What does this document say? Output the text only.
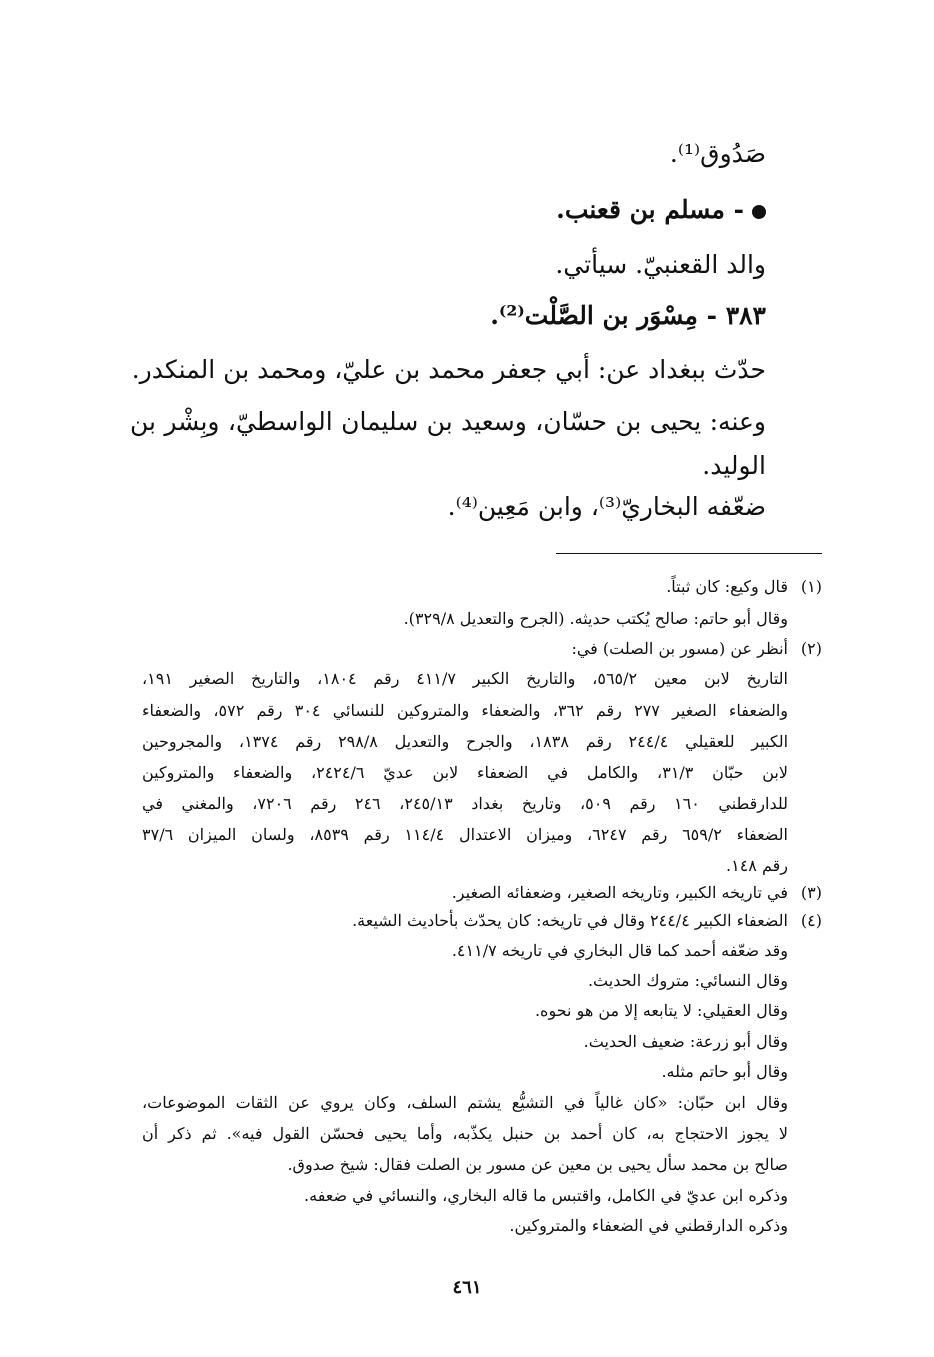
صَدُوق⁽¹⁾.
- مسلم بن قعنب.
والد القعنبيّ. سيأتي.
٣٨٣ - مِسْوَر بن الصَّلْت⁽²⁾.
حدّث ببغداد عن: أبي جعفر محمد بن عليّ، ومحمد بن المنكدر.
وعنه: يحيى بن حسّان، وسعيد بن سليمان الواسطيّ، وبِشْر بن
الوليد.
ضعّفه البخاريّ⁽³⁾، وابن مَعِين⁽⁴⁾.
(١)
قال وكيع: كان ثبتاً.
وقال أبو حاتم: صالح يُكتب حديثه. (الجرح والتعديل ٣٢٩/٨).
(٢)
أنظر عن (مسور بن الصلت) في:
التاريخ لابن معين ٥٦٥/٢، والتاريخ الكبير ٤١١/٧ رقم ١٨٠٤، والتاريخ الصغير ١٩١،
والضعفاء الصغير ٢٧٧ رقم ٣٦٢، والضعفاء والمتروكين للنسائي ٣٠٤ رقم ٥٧٢، والضعفاء
الكبير للعقيلي ٢٤٤/٤ رقم ١٨٣٨، والجرح والتعديل ٢٩٨/٨ رقم ١٣٧٤، والمجروحين
لابن حبّان ٣١/٣، والكامل في الضعفاء لابن عديّ ٢٤٢٤/٦، والضعفاء والمتروكين
للدارقطني ١٦٠ رقم ٥٠٩، وتاريخ بغداد ٢٤٥/١٣، ٢٤٦ رقم ٧٢٠٦، والمغني في
الضعفاء ٦٥٩/٢ رقم ٦٢٤٧، وميزان الاعتدال ١١٤/٤ رقم ٨٥٣٩، ولسان الميزان ٣٧/٦
رقم ١٤٨.
(٣)
في تاريخه الكبير، وتاريخه الصغير، وضعفائه الصغير.
(٤)
الضعفاء الكبير ٢٤٤/٤ وقال في تاريخه: كان يحدّث بأحاديث الشيعة.
وقد ضعّفه أحمد كما قال البخاري في تاريخه ٤١١/٧.
وقال النسائي: متروك الحديث.
وقال العقيلي: لا يتابعه إلا من هو نحوه.
وقال أبو زرعة: ضعيف الحديث.
وقال أبو حاتم مثله.
وقال ابن حبّان: «كان غالياً في التشيُّع يشتم السلف، وكان يروي عن الثقات الموضوعات،
لا يجوز الاحتجاج به، كان أحمد بن حنبل يكذّبه، وأما يحيى فحسّن القول فيه». ثم ذكر أن
صالح بن محمد سأل يحيى بن معين عن مسور بن الصلت فقال: شيخ صدوق.
وذكره ابن عديّ في الكامل، واقتبس ما قاله البخاري، والنسائي في ضعفه.
وذكره الدارقطني في الضعفاء والمتروكين.
٤٦١
